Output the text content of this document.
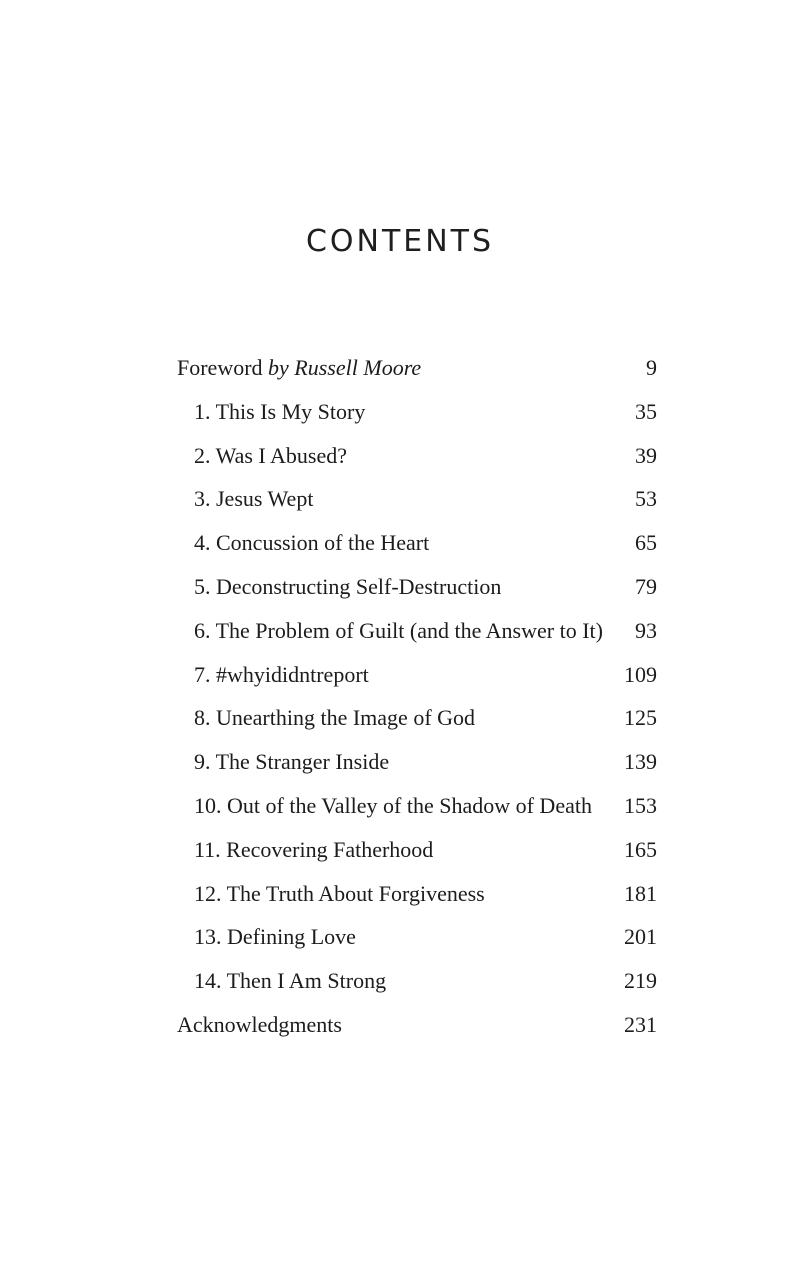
CONTENTS
Foreword by Russell Moore	9
1. This Is My Story	35
2. Was I Abused?	39
3. Jesus Wept	53
4. Concussion of the Heart	65
5. Deconstructing Self-Destruction	79
6. The Problem of Guilt (and the Answer to It) 93
7. #whyididntreport	109
8. Unearthing the Image of God	125
9. The Stranger Inside	139
10. Out of the Valley of the Shadow of Death 153
11. Recovering Fatherhood	165
12. The Truth About Forgiveness	181
13. Defining Love	201
14. Then I Am Strong	219
Acknowledgments	231
